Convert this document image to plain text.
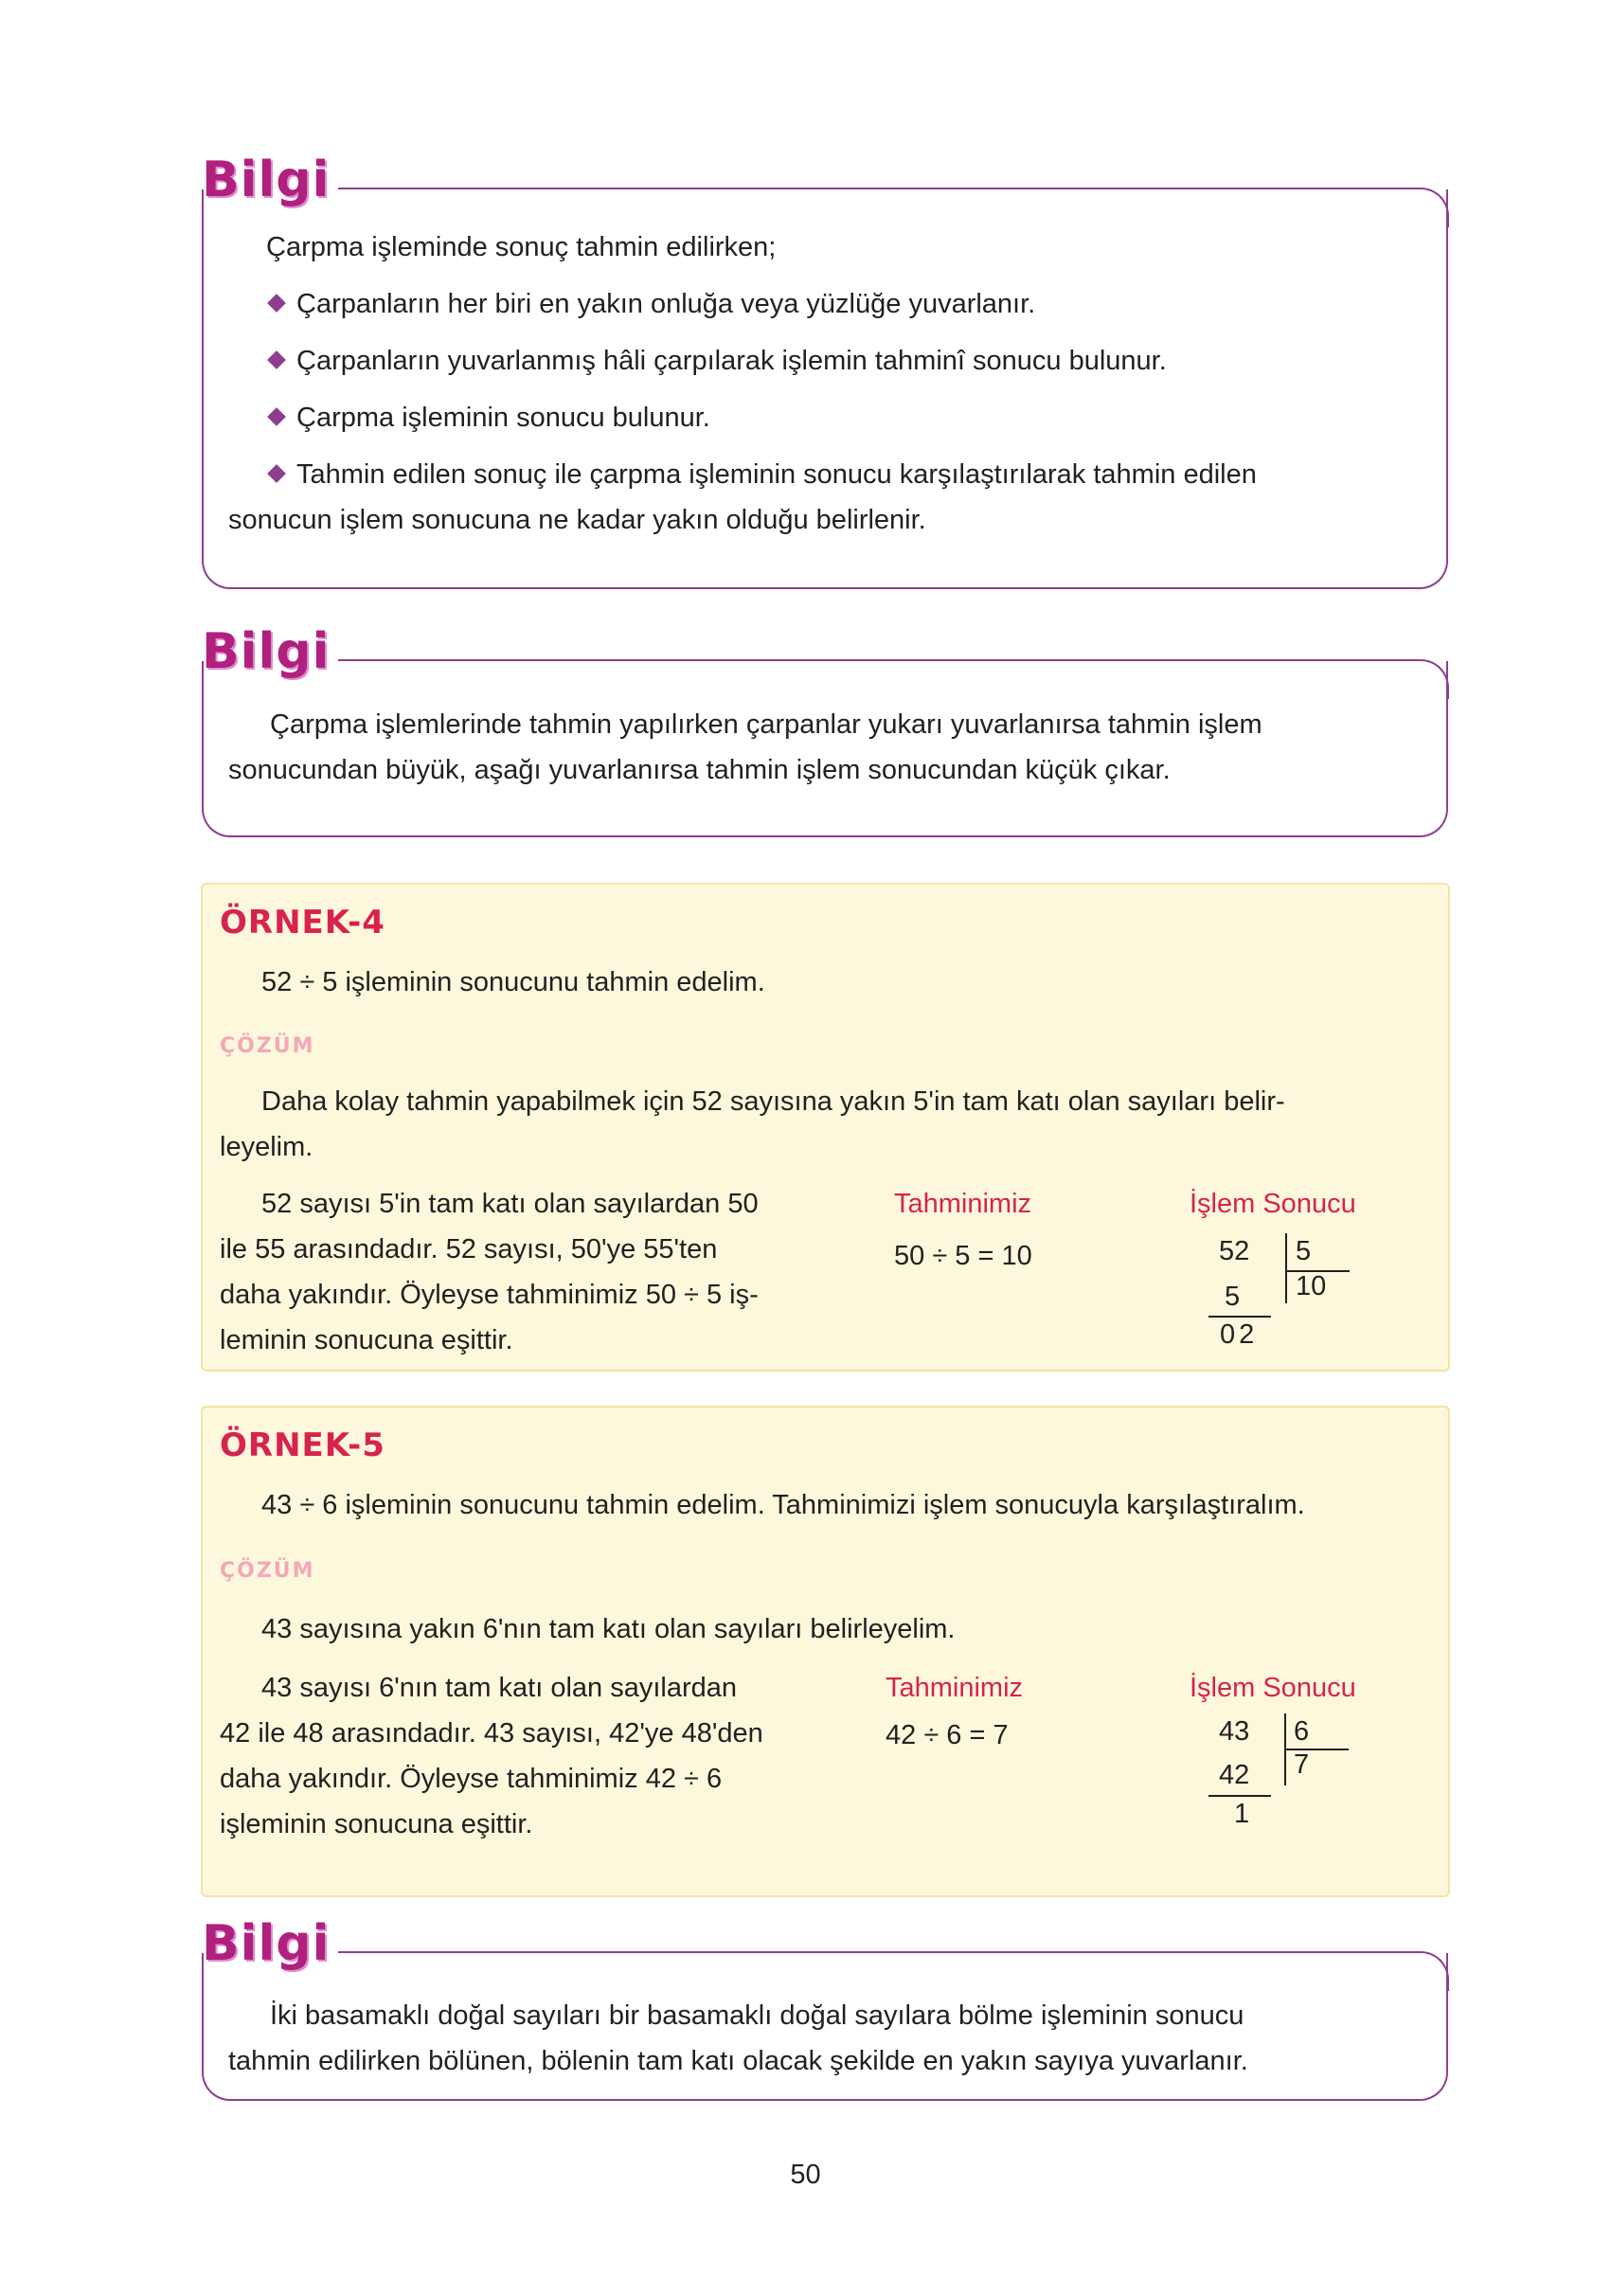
Bilgi
Çarpma işleminde sonuç tahmin edilirken;
Çarpanların her biri en yakın onluğa veya yüzlüğe yuvarlanır.
Çarpanların yuvarlanmış hâli çarpılarak işlemin tahminî sonucu bulunur.
Çarpma işleminin sonucu bulunur.
Tahmin edilen sonuç ile çarpma işleminin sonucu karşılaştırılarak tahmin edilen
sonucun işlem sonucuna ne kadar yakın olduğu belirlenir.
Bilgi
Çarpma işlemlerinde tahmin yapılırken çarpanlar yukarı yuvarlanırsa tahmin işlem
sonucundan büyük, aşağı yuvarlanırsa tahmin işlem sonucundan küçük çıkar.
ÖRNEK-4
52 ÷ 5 işleminin sonucunu tahmin edelim.
ÇÖZÜM
Daha kolay tahmin yapabilmek için 52 sayısına yakın 5'in tam katı olan sayıları belir-
leyelim.
52 sayısı 5'in tam katı olan sayılardan 50
ile 55 arasındadır. 52 sayısı, 50'ye 55'ten
daha yakındır. Öyleyse tahminimiz 50 ÷ 5 iş-
leminin sonucuna eşittir.
Tahminimiz
50 ÷ 5 = 10
İşlem Sonucu
52 5
10
5
02
ÖRNEK-5
43 ÷ 6 işleminin sonucunu tahmin edelim. Tahminimizi işlem sonucuyla karşılaştıralım.
ÇÖZÜM
43 sayısına yakın 6'nın tam katı olan sayıları belirleyelim.
43 sayısı 6'nın tam katı olan sayılardan
42 ile 48 arasındadır. 43 sayısı, 42'ye 48'den
daha yakındır. Öyleyse tahminimiz 42 ÷ 6
işleminin sonucuna eşittir.
Tahminimiz
42 ÷ 6 = 7
İşlem Sonucu
43 6
7
42
1
Bilgi
İki basamaklı doğal sayıları bir basamaklı doğal sayılara bölme işleminin sonucu
tahmin edilirken bölünen, bölenin tam katı olacak şekilde en yakın sayıya yuvarlanır.
50
